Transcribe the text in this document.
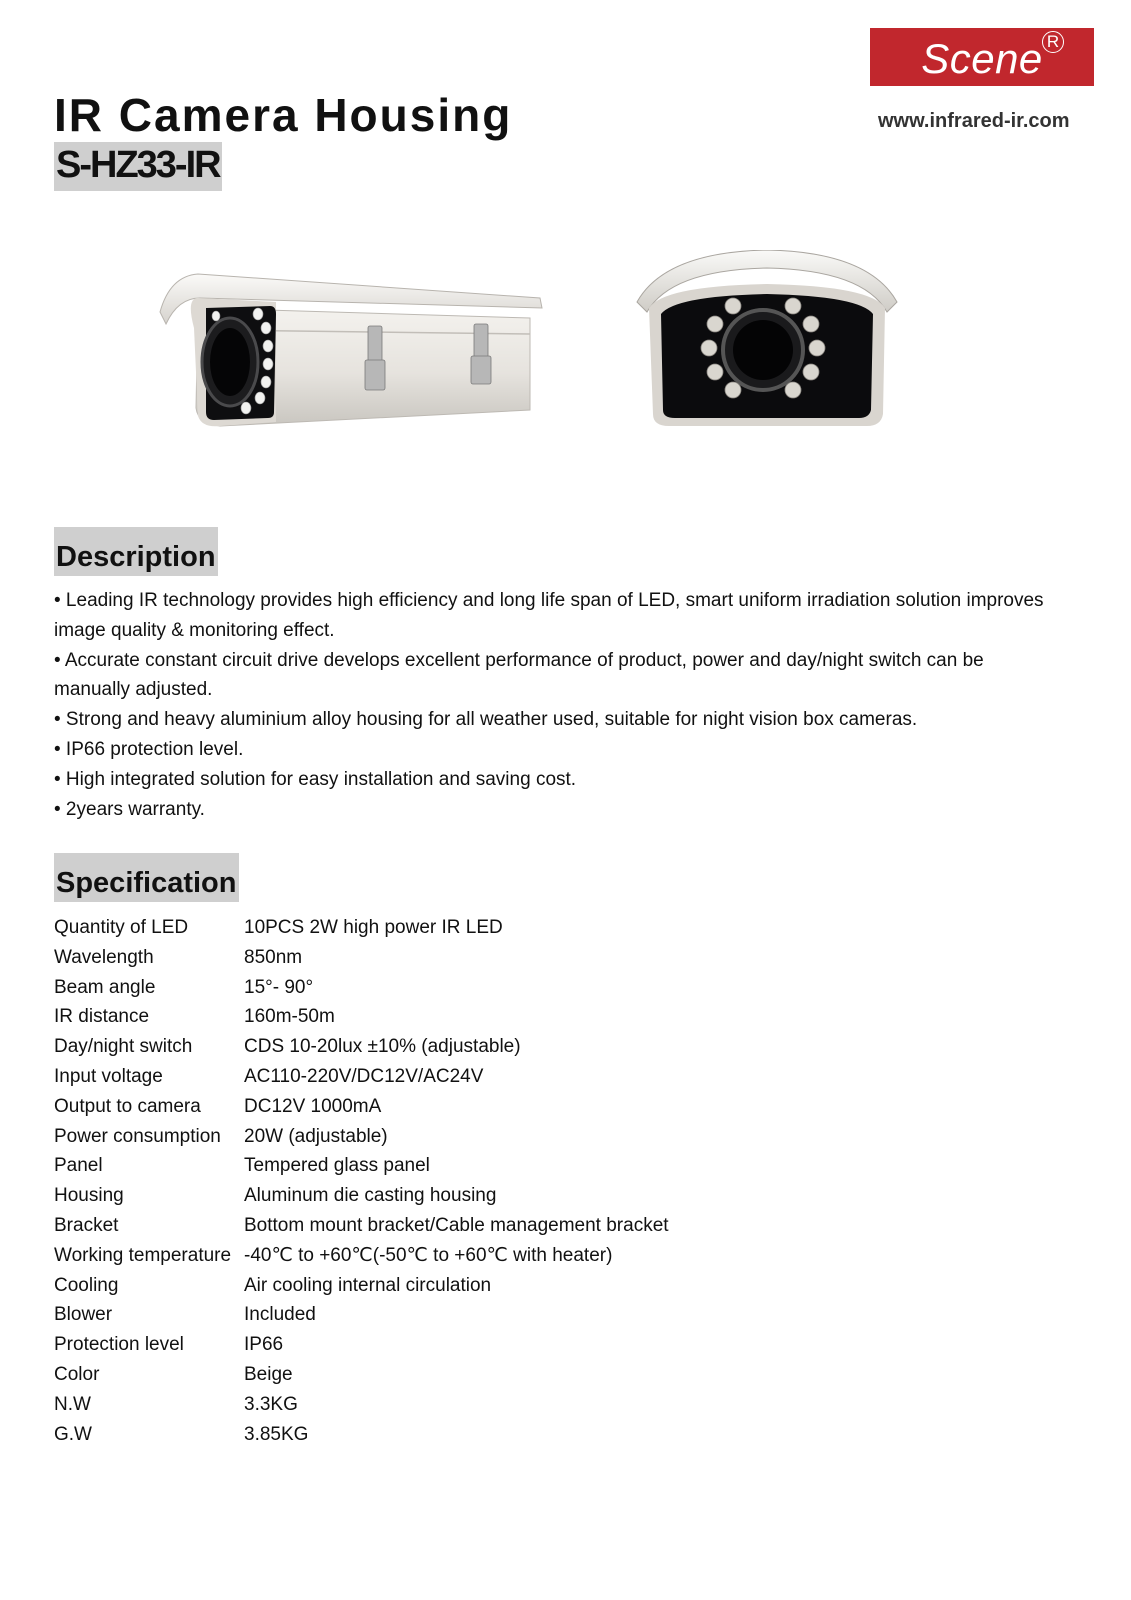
Scene R
www.infrared-ir.com
IR Camera Housing
S-HZ33-IR
Description
• Leading IR technology provides high efficiency and long life span of LED, smart uniform irradiation solution improves image quality & monitoring effect.
• Accurate constant circuit drive develops excellent performance of product, power and day/night switch can be manually adjusted.
• Strong and heavy aluminium alloy housing for all weather used, suitable for night vision box cameras.
• IP66 protection level.
• High integrated solution for easy installation and saving cost.
• 2years warranty.
Specification
Quantity of LED	10PCS 2W high power IR LED
Wavelength	850nm
Beam angle	15°- 90°
IR distance	160m-50m
Day/night switch	CDS 10-20lux ±10% (adjustable)
Input voltage	AC110-220V/DC12V/AC24V
Output to camera	DC12V 1000mA
Power consumption	20W (adjustable)
Panel	Tempered glass panel
Housing	Aluminum die casting housing
Bracket	Bottom mount bracket/Cable management bracket
Working temperature -40℃ to +60℃(-50℃ to +60℃ with heater)
Cooling	Air cooling internal circulation
Blower	Included
Protection level	IP66
Color	Beige
N.W	3.3KG
G.W	3.85KG
